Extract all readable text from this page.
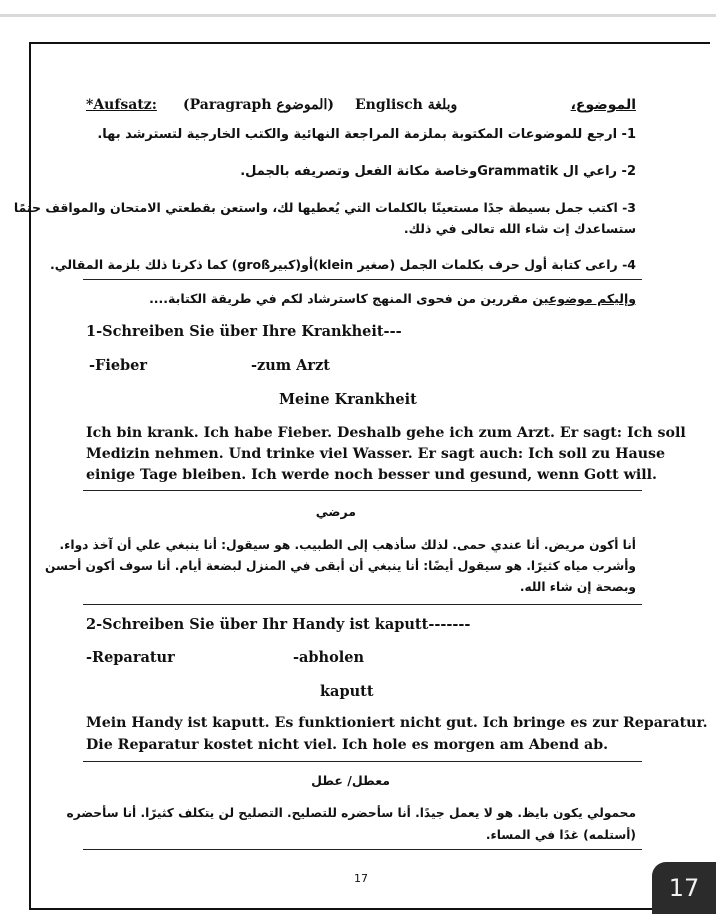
*Aufsatz: (Paragraph الموضوع) Englisch وبلغة	الموضوع،
1- ارجع للموضوعات المكتوبة بملزمة المراجعة النهائية والكتب الخارجية لتسترشد بها.
2- راعي ال Grammatikوخاصة مكانة الفعل وتصريفه بالجمل.
3- اكتب جمل بسيطة جدًا مستعينًا بالكلمات التي يُعطيها لك، واستعن بقطعتي الامتحان والمواقف حتمًا
ستساعدك إت شاء الله تعالى في ذلك.
4- راعى كتابة أول حرف بكلمات الجمل (صغير klein)أو(كبيرgroß) كما ذكرنا ذلك بلزمة المقالي.
وإليكم موضوعين مقررين من فحوى المنهج كاسترشاد لكم في طريقة الكتابة....
1-Schreiben Sie über Ihre Krankheit---
-Fieber	-zum Arzt
Meine Krankheit
Ich bin krank. Ich habe Fieber. Deshalb gehe ich zum Arzt. Er sagt: Ich soll
Medizin nehmen. Und trinke viel Wasser. Er sagt auch: Ich soll zu Hause
einige Tage bleiben. Ich werde noch besser und gesund, wenn Gott will.
مرضي
أنا أكون مريض. أنا عندي حمى. لذلك سأذهب إلى الطبيب. هو سيقول: أنا ينبغي علي أن آخذ دواء.
وأشرب مياه كثيرًا. هو سيقول أيضًا: أنا ينبغي أن أبقى في المنزل لبضعة أيام. أنا سوف أكون أحسن
وبصحة إن شاء الله.
2-Schreiben Sie über Ihr Handy ist kaputt-------
-Reparatur	-abholen
kaputt
Mein Handy ist kaputt. Es funktioniert nicht gut. Ich bringe es zur Reparatur.
Die Reparatur kostet nicht viel. Ich hole es morgen am Abend ab.
معطل/ عطل
محمولي يكون بايظ. هو لا يعمل جيدًا. أنا سأحضره للتصليح. التصليح لن يتكلف كثيرًا. أنا سأحضره
(أستلمه) غدًا في المساء.
17	17
